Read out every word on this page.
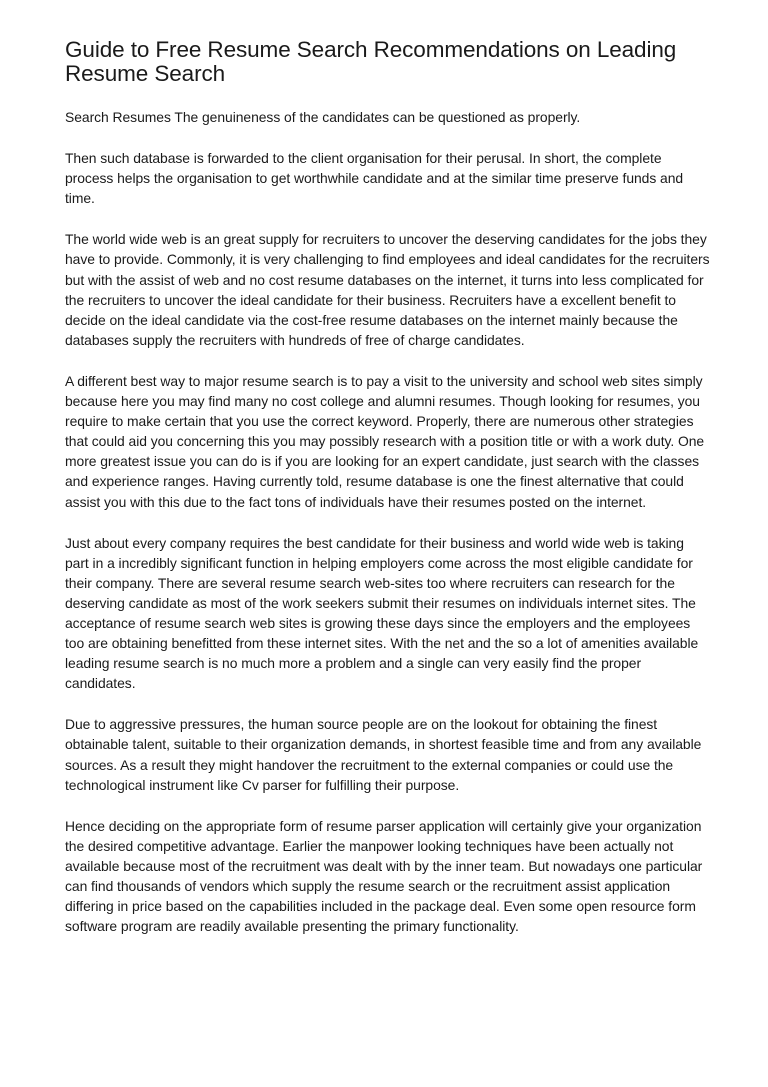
Guide to Free Resume Search Recommendations on Leading Resume Search

Search Resumes The genuineness of the candidates can be questioned as properly.

Then such database is forwarded to the client organisation for their perusal. In short, the complete process helps the organisation to get worthwhile candidate and at the similar time preserve funds and time.

The world wide web is an great supply for recruiters to uncover the deserving candidates for the jobs they have to provide. Commonly, it is very challenging to find employees and ideal candidates for the recruiters but with the assist of web and no cost resume databases on the internet, it turns into less complicated for the recruiters to uncover the ideal candidate for their business. Recruiters have a excellent benefit to decide on the ideal candidate via the cost-free resume databases on the internet mainly because the databases supply the recruiters with hundreds of free of charge candidates.

A different best way to major resume search is to pay a visit to the university and school web sites simply because here you may find many no cost college and alumni resumes. Though looking for resumes, you require to make certain that you use the correct keyword. Properly, there are numerous other strategies that could aid you concerning this you may possibly research with a position title or with a work duty. One more greatest issue you can do is if you are looking for an expert candidate, just search with the classes and experience ranges. Having currently told, resume database is one the finest alternative that could assist you with this due to the fact tons of individuals have their resumes posted on the internet.

Just about every company requires the best candidate for their business and world wide web is taking part in a incredibly significant function in helping employers come across the most eligible candidate for their company. There are several resume search web-sites too where recruiters can research for the deserving candidate as most of the work seekers submit their resumes on individuals internet sites. The acceptance of resume search web sites is growing these days since the employers and the employees too are obtaining benefitted from these internet sites. With the net and the so a lot of amenities available leading resume search is no much more a problem and a single can very easily find the proper candidates.

Due to aggressive pressures, the human source people are on the lookout for obtaining the finest obtainable talent, suitable to their organization demands, in shortest feasible time and from any available sources. As a result they might handover the recruitment to the external companies or could use the technological instrument like Cv parser for fulfilling their purpose.

Hence deciding on the appropriate form of resume parser application will certainly give your organization the desired competitive advantage. Earlier the manpower looking techniques have been actually not available because most of the recruitment was dealt with by the inner team. But nowadays one particular can find thousands of vendors which supply the resume search or the recruitment assist application differing in price based on the capabilities included in the package deal. Even some open resource form software program are readily available presenting the primary functionality.
